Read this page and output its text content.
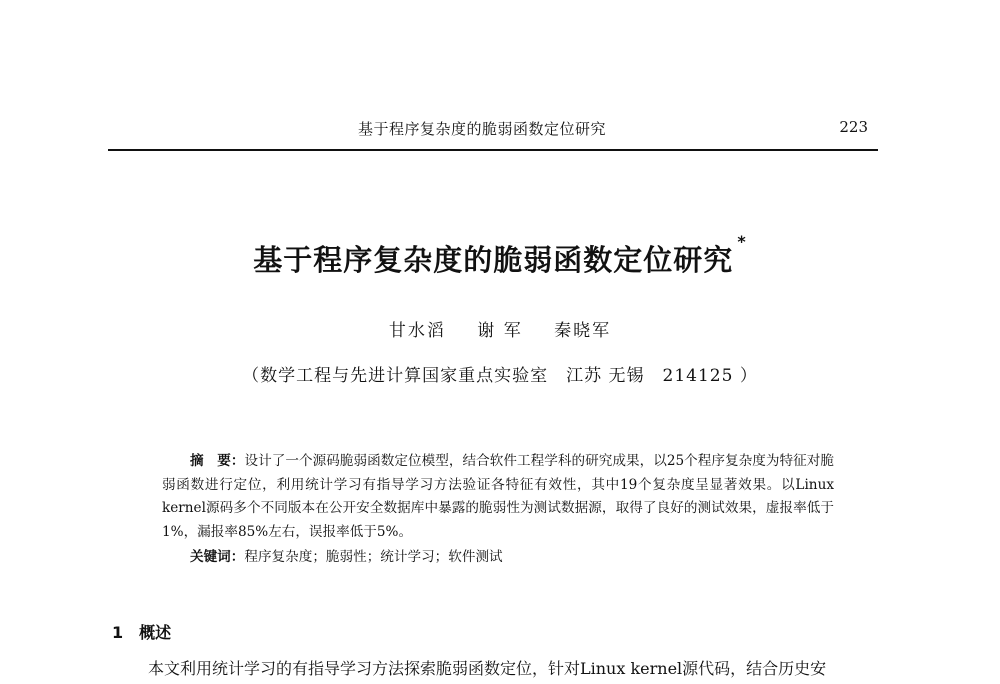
基于程序复杂度的脆弱函数定位研究	223
基于程序复杂度的脆弱函数定位研究*
甘水滔 谢 军 秦晓军
（数学工程与先进计算国家重点实验室　江苏 无锡　214125 ）

摘　要：设计了一个源码脆弱函数定位模型，结合软件工程学科的研究成果，以25个程序复杂度为特征对脆弱函数进行定位，利用统计学习有指导学习方法验证各特征有效性，其中19个复杂度呈显著效果。以Linux kernel源码多个不同版本在公开安全数据库中暴露的脆弱性为测试数据源，取得了良好的测试效果，虚报率低于1%，漏报率85%左右，误报率低于5%。

关键词：程序复杂度；脆弱性；统计学习；软件测试
1 概述
本文利用统计学习的有指导学习方法探索脆弱函数定位，针对Linux kernel源代码，结合历史安
